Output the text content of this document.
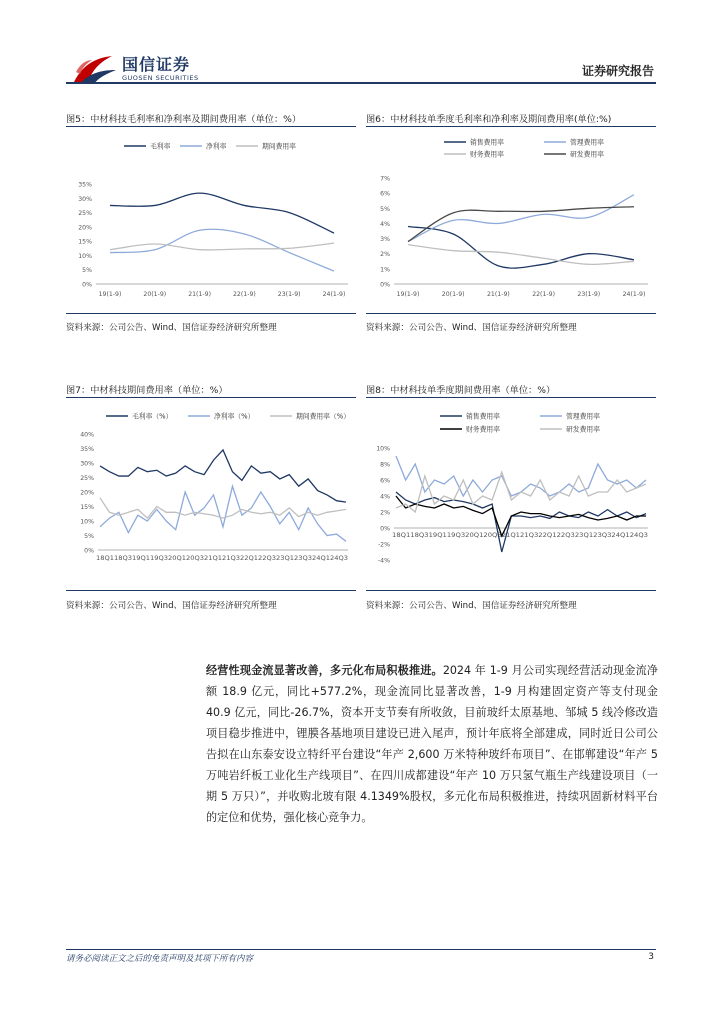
国信证券
GUOSEN SECURITIES	证券研究报告
图5：中材科技毛利率和净利率及期间费用率（单位：%）
0%
5%
10%
15%
20%
25%
30%
35%
19(1-9)	20(1-9)	21(1-9)	22(1-9)	23(1-9)	24(1-9)
毛利率	净利率	期间费用率
资料来源：公司公告、Wind、国信证券经济研究所整理
图6：中材科技单季度毛利率和净利率及期间费用率(单位:%)
0%
1%
2%
3%
4%
5%
6%
7%
19(1-9)	20(1-9)	21(1-9)	22(1-9)	23(1-9)	24(1-9)
销售费用率	管理费用率
财务费用率	研发费用率
资料来源：公司公告、Wind、国信证券经济研究所整理
图7：中材科技期间费用率（单位：%）
0%
5%
10%
15%
20%
25%
30%
35%
40%
18Q118Q319Q119Q320Q120Q321Q121Q322Q122Q323Q123Q324Q124Q3
毛利率（%）	净利率（%）	期间费用率（%）
资料来源：公司公告、Wind、国信证券经济研究所整理
图8：中材科技单季度期间费用率（单位：%）
-4%
-2%
0%
2%
4%
6%
8%
10%
18Q118Q319Q119Q320Q120Q321Q121Q322Q122Q323Q123Q324Q124Q3
销售费用率	管理费用率
财务费用率	研发费用率
资料来源：公司公告、Wind、国信证券经济研究所整理
经营性现金流显著改善，多元化布局积极推进。2024 年 1-9 月公司实现经营活动现金流净额 18.9 亿元，同比+577.2%，现金流同比显著改善，1-9 月构建固定资产等支付现金 40.9 亿元，同比-26.7%，资本开支节奏有所收敛，目前玻纤太原基地、邹城 5 线冷修改造项目稳步推进中，锂膜各基地项目建设已进入尾声，预计年底将全部建成，同时近日公司公告拟在山东泰安设立特纤平台建设“年产 2,600 万米特种玻纤布项目”、在邯郸建设“年产 5 万吨岩纤板工业化生产线项目”、在四川成都建设“年产 10 万只氢气瓶生产线建设项目（一期 5 万只）”，并收购北玻有限 4.1349%股权，多元化布局积极推进，持续巩固新材料平台的定位和优势，强化核心竞争力。
请务必阅读正文之后的免责声明及其项下所有内容	3
